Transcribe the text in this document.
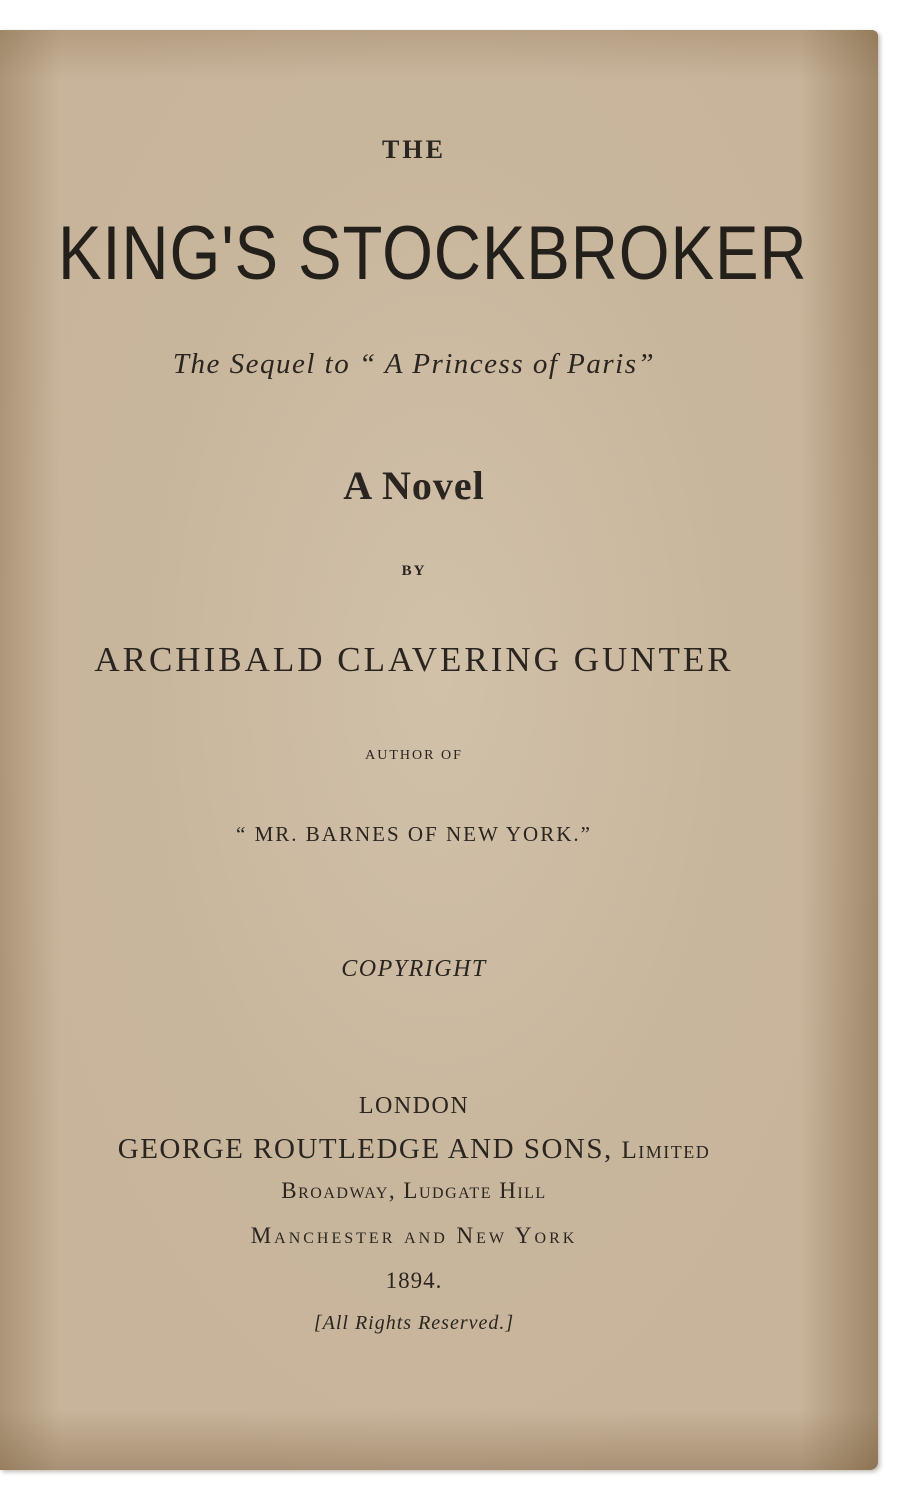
THE
KING'S STOCKBROKER
The Sequel to “ A Princess of Paris”
A Novel
BY
ARCHIBALD CLAVERING GUNTER
AUTHOR OF
“ MR. BARNES OF NEW YORK.”
COPYRIGHT
LONDON
GEORGE ROUTLEDGE AND SONS, Limited
Broadway, Ludgate Hill
Manchester and New York
1894.
[All Rights Reserved.]
